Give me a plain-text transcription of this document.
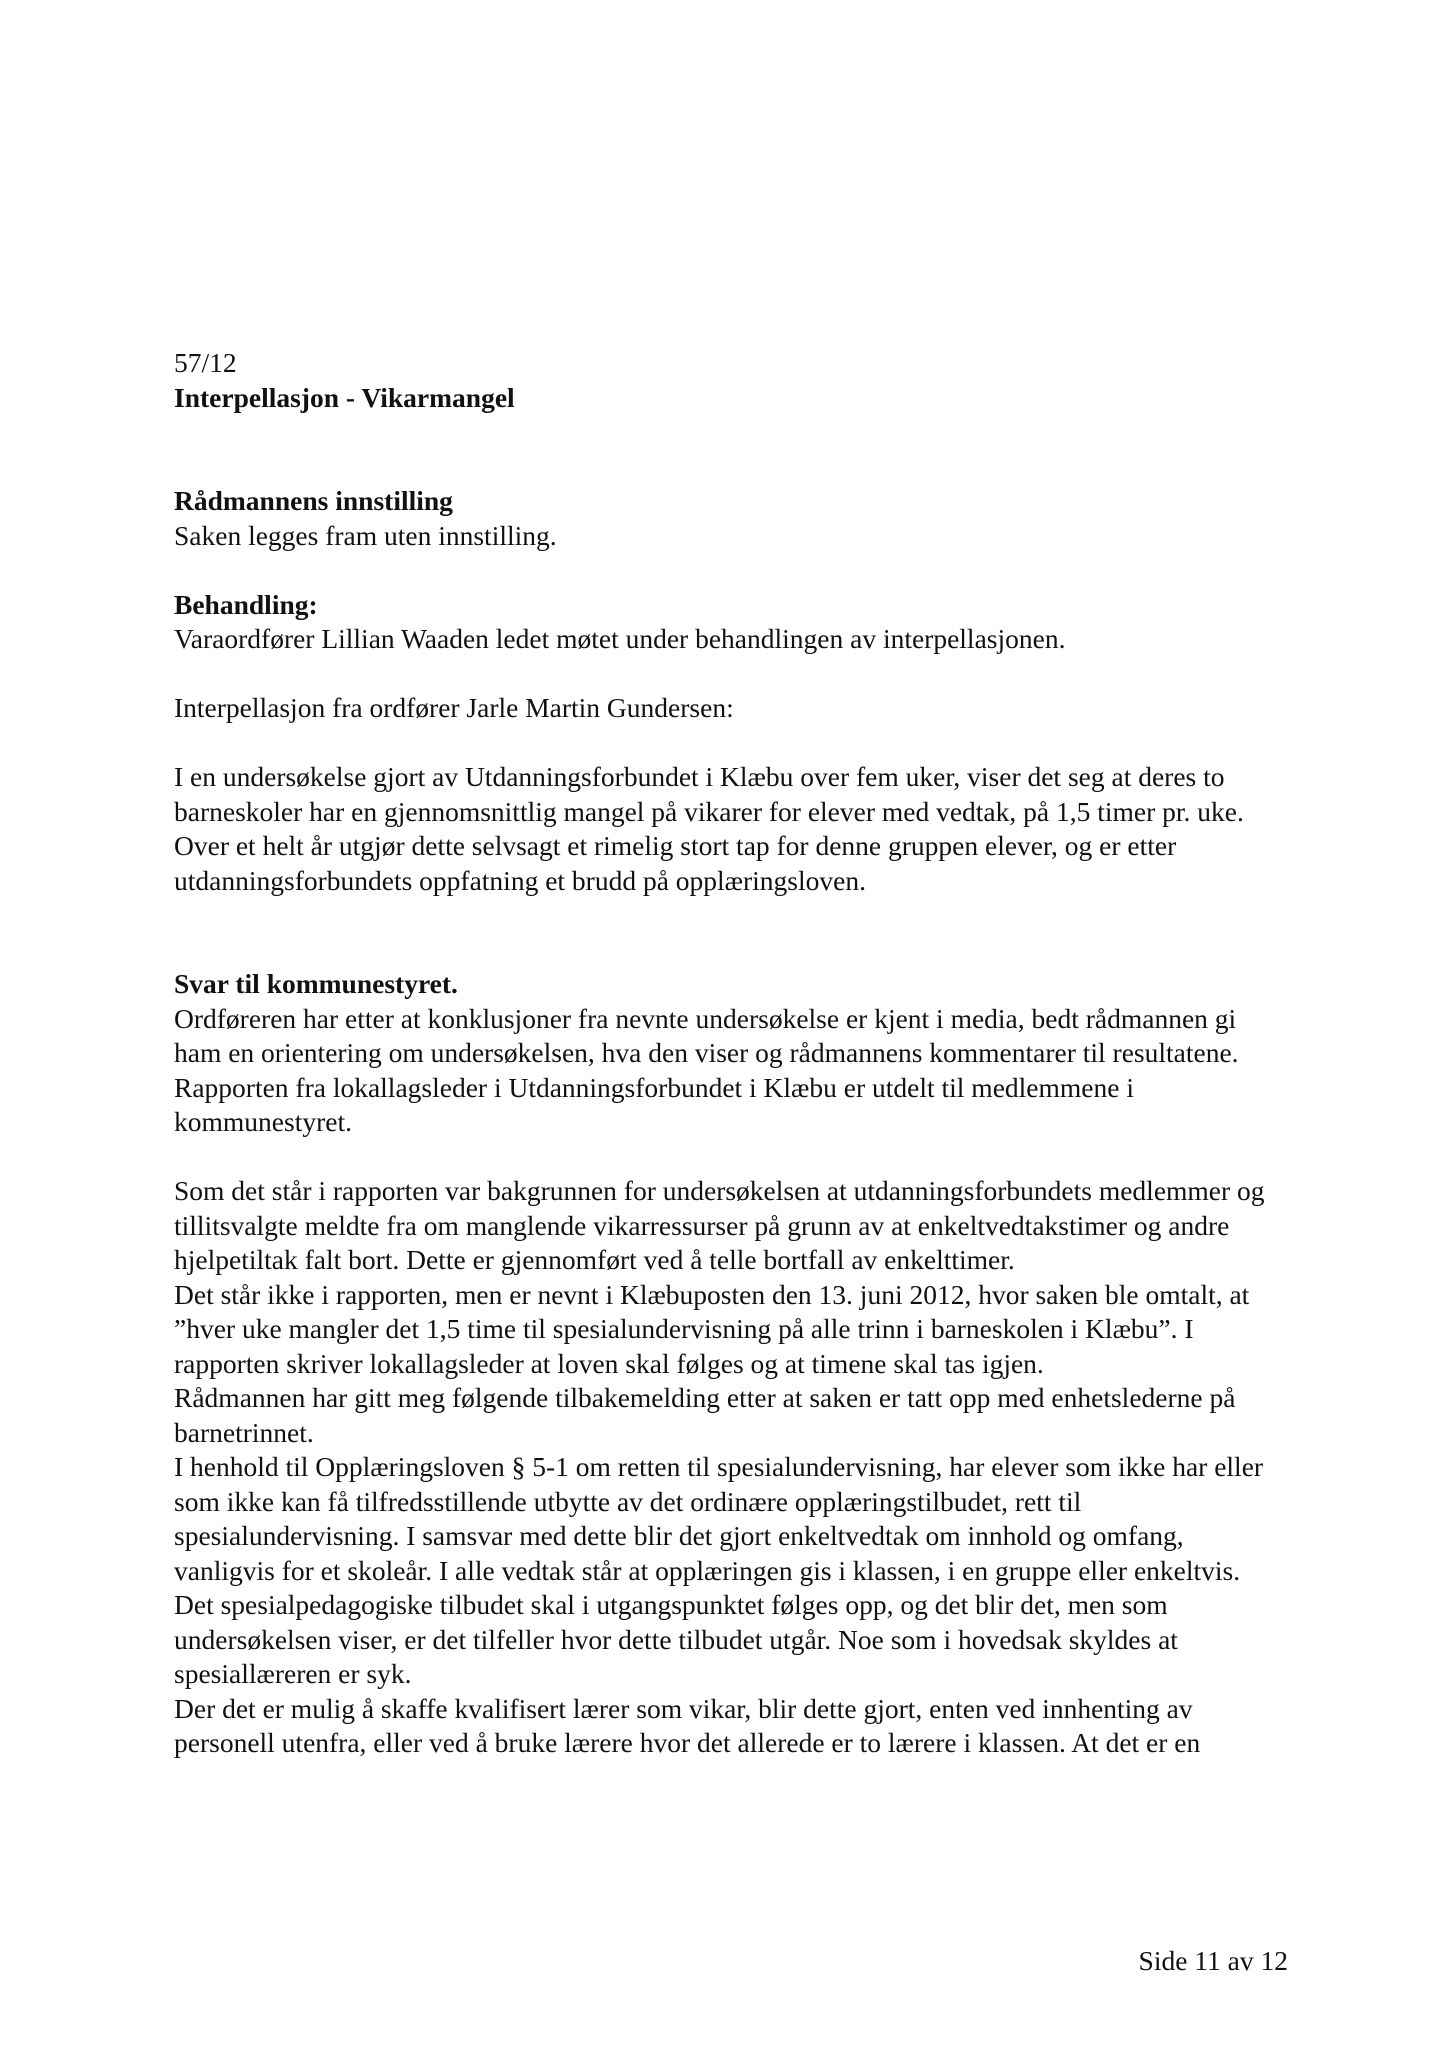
57/12

Interpellasjon - Vikarmangel

Rådmannens innstilling

Saken legges fram uten innstilling.

Behandling:

Varaordfører Lillian Waaden ledet møtet under behandlingen av interpellasjonen.

Interpellasjon fra ordfører Jarle Martin Gundersen:

I en undersøkelse gjort av Utdanningsforbundet i Klæbu over fem uker, viser det seg at deres to barneskoler har en gjennomsnittlig mangel på vikarer for elever med vedtak, på 1,5 timer pr. uke. Over et helt år utgjør dette selvsagt et rimelig stort tap for denne gruppen elever, og er etter utdanningsforbundets oppfatning et brudd på opplæringsloven.

Svar til kommunestyret.

Ordføreren har etter at konklusjoner fra nevnte undersøkelse er kjent i media, bedt rådmannen gi ham en orientering om undersøkelsen, hva den viser og rådmannens kommentarer til resultatene.

Rapporten fra lokallagsleder i Utdanningsforbundet i Klæbu er utdelt til medlemmene i kommunestyret.

Som det står i rapporten var bakgrunnen for undersøkelsen at utdanningsforbundets medlemmer og tillitsvalgte meldte fra om manglende vikarressurser på grunn av at enkeltvedtakstimer og andre hjelpetiltak falt bort. Dette er gjennomført ved å telle bortfall av enkelttimer.

Det står ikke i rapporten, men er nevnt i Klæbuposten den 13. juni 2012, hvor saken ble omtalt, at ”hver uke mangler det 1,5 time til spesialundervisning på alle trinn i barneskolen i Klæbu”. I rapporten skriver lokallagsleder at loven skal følges og at timene skal tas igjen.

Rådmannen har gitt meg følgende tilbakemelding etter at saken er tatt opp med enhetslederne på barnetrinnet.

I henhold til Opplæringsloven § 5-1 om retten til spesialundervisning, har elever som ikke har eller som ikke kan få tilfredsstillende utbytte av det ordinære opplæringstilbudet, rett til spesialundervisning. I samsvar med dette blir det gjort enkeltvedtak om innhold og omfang, vanligvis for et skoleår. I alle vedtak står at opplæringen gis i klassen, i en gruppe eller enkeltvis.

Det spesialpedagogiske tilbudet skal i utgangspunktet følges opp, og det blir det, men som undersøkelsen viser, er det tilfeller hvor dette tilbudet utgår. Noe som i hovedsak skyldes at spesiallæreren er syk.

Der det er mulig å skaffe kvalifisert lærer som vikar, blir dette gjort, enten ved innhenting av personell utenfra, eller ved å bruke lærere hvor det allerede er to lærere i klassen. At det er en

Side 11 av 12
